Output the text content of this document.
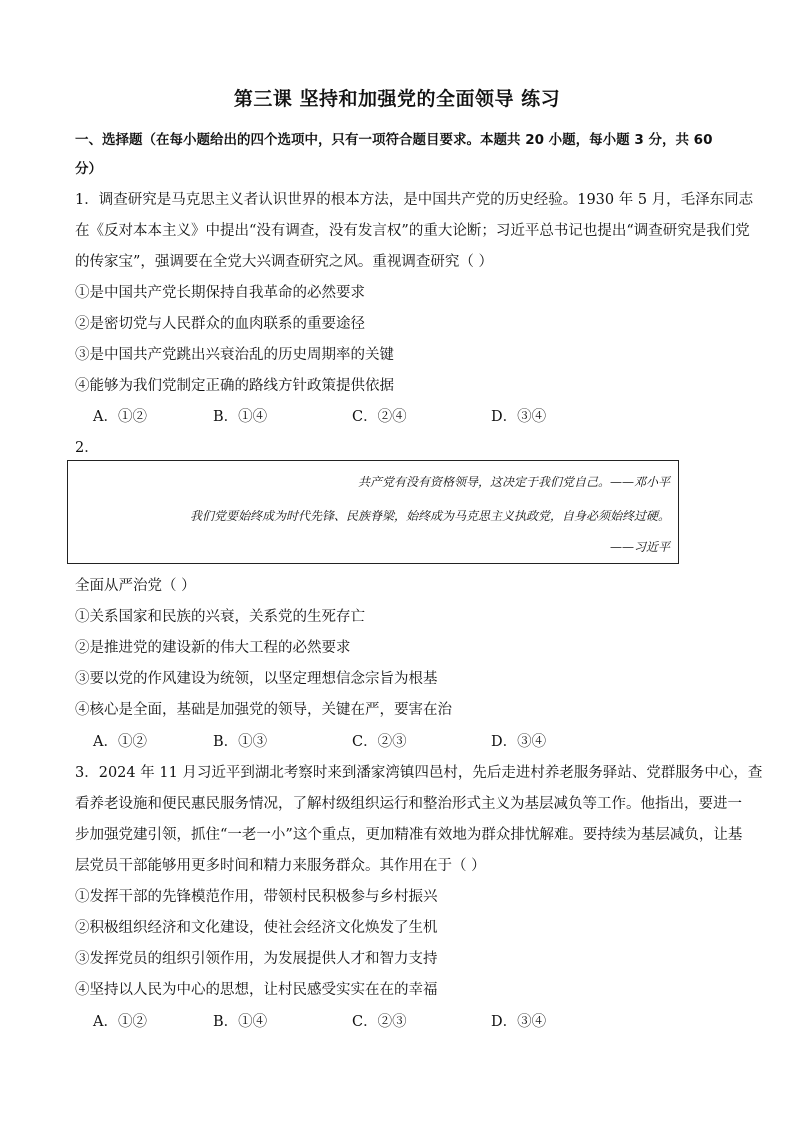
第三课 坚持和加强党的全面领导 练习
一、选择题（在每小题给出的四个选项中，只有一项符合题目要求。本题共 20 小题，每小题 3 分，共 60
分）
1．调查研究是马克思主义者认识世界的根本方法，是中国共产党的历史经验。1930 年 5 月，毛泽东同志
在《反对本本主义》中提出“没有调查，没有发言权”的重大论断；习近平总书记也提出“调查研究是我们党
的传家宝”，强调要在全党大兴调查研究之风。重视调查研究（ ）
①是中国共产党长期保持自我革命的必然要求
②是密切党与人民群众的血肉联系的重要途径
③是中国共产党跳出兴衰治乱的历史周期率的关键
④能够为我们党制定正确的路线方针政策提供依据
A．①②	B．①④	C．②④	D．③④
2．
共产党有没有资格领导，这决定于我们党自己。——邓小平
我们党要始终成为时代先锋、民族脊梁，始终成为马克思主义执政党，自身必须始终过硬。
——习近平
全面从严治党（ ）
①关系国家和民族的兴衰，关系党的生死存亡
②是推进党的建设新的伟大工程的必然要求
③要以党的作风建设为统领，以坚定理想信念宗旨为根基
④核心是全面，基础是加强党的领导，关键在严，要害在治
A．①②	B．①③	C．②③	D．③④
3．2024 年 11 月习近平到湖北考察时来到潘家湾镇四邑村，先后走进村养老服务驿站、党群服务中心，查
看养老设施和便民惠民服务情况，了解村级组织运行和整治形式主义为基层减负等工作。他指出，要进一
步加强党建引领，抓住“一老一小”这个重点，更加精准有效地为群众排忧解难。要持续为基层减负，让基
层党员干部能够用更多时间和精力来服务群众。其作用在于（ ）
①发挥干部的先锋模范作用，带领村民积极参与乡村振兴
②积极组织经济和文化建设，使社会经济文化焕发了生机
③发挥党员的组织引领作用，为发展提供人才和智力支持
④坚持以人民为中心的思想，让村民感受实实在在的幸福
A．①②	B．①④	C．②③	D．③④
